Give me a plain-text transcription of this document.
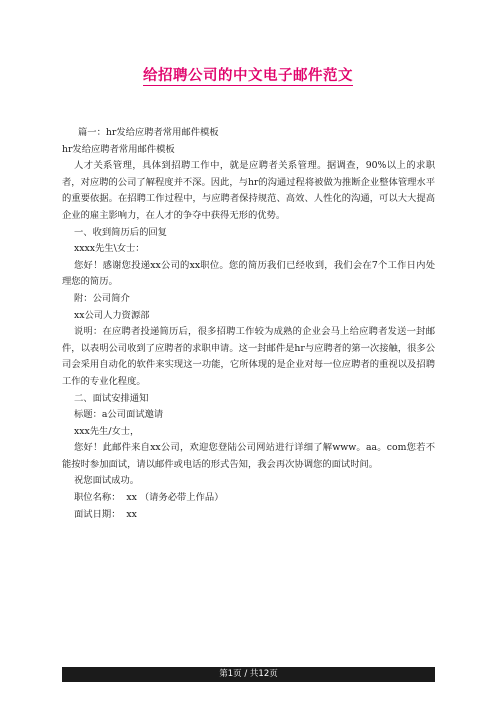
给招聘公司的中文电子邮件范文

篇一：hr发给应聘者常用邮件模板

hr发给应聘者常用邮件模板

人才关系管理，具体到招聘工作中，就是应聘者关系管理。据调查，90%以上的求职者，对应聘的公司了解程度并不深。因此，与hr的沟通过程将被做为推断企业整体管理水平的重要依据。在招聘工作过程中，与应聘者保持规范、高效、人性化的沟通，可以大大提高企业的雇主影响力，在人才的争夺中获得无形的优势。

一、收到简历后的回复

xxxx先生\女士：

您好！感谢您投递xx公司的xx职位。您的简历我们已经收到，我们会在7个工作日内处理您的简历。

附：公司简介

xx公司人力资源部

说明：在应聘者投递简历后，很多招聘工作较为成熟的企业会马上给应聘者发送一封邮件，以表明公司收到了应聘者的求职申请。这一封邮件是hr与应聘者的第一次接触，很多公司会采用自动化的软件来实现这一功能，它所体现的是企业对每一位应聘者的重视以及招聘工作的专业化程度。

二、面试安排通知

标题：a公司面试邀请

xxx先生/女士，

您好！此邮件来自xx公司，欢迎您登陆公司网站进行详细了解www。aa。com您若不能按时参加面试，请以邮件或电话的形式告知，我会再次协调您的面试时间。

祝您面试成功。

职位名称：  xx （请务必带上作品）

面试日期：  xx

第1页 / 共12页
